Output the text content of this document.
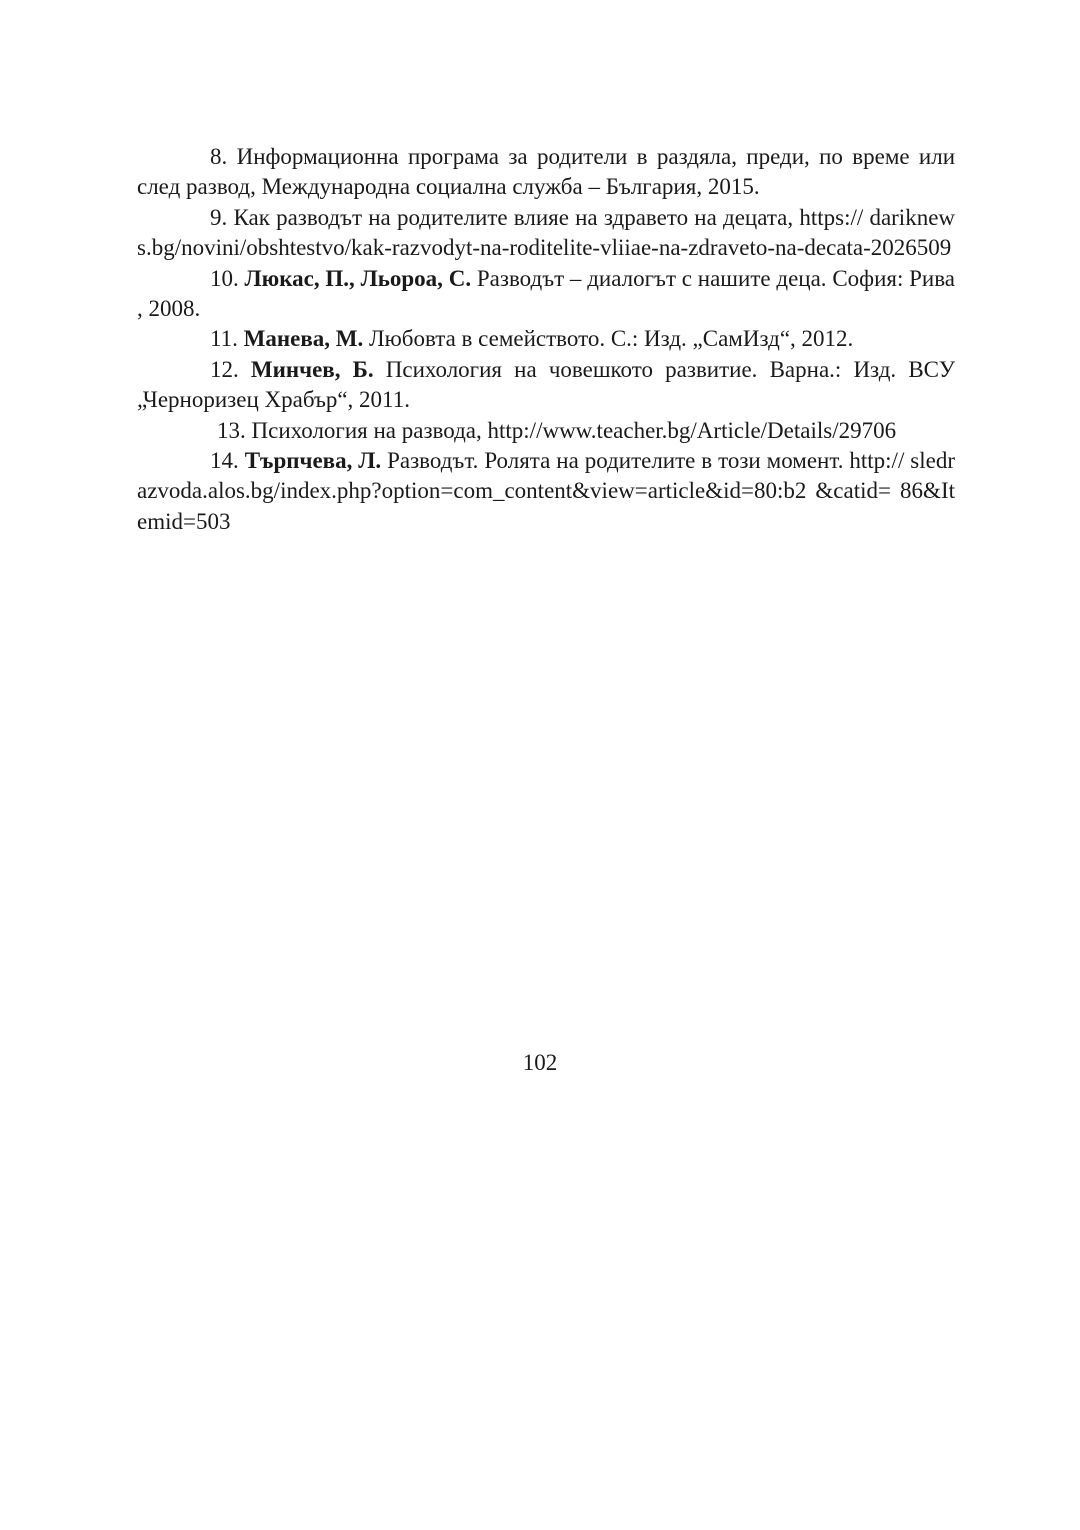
8. Информационна програма за родители в раздяла, преди, по време или след развод, Международна социална служба – България, 2015.

9. Как разводът на родителите влияе на здравето на децата, https:// dariknews.bg/novini/obshtestvo/kak-razvodyt-na-roditelite-vliiae-na-zdraveto-na-decata-2026509

10. Люкас, П., Льороа, С. Разводът – диалогът с нашите деца. София: Рива , 2008.

11. Манева, М. Любовта в семейството. С.: Изд. „СамИзд“, 2012.

12. Минчев, Б. Психология на човешкото развитие. Варна.: Изд. ВСУ „Черноризец Храбър“, 2011.

13. Психология на развода, http://www.teacher.bg/Article/Details/29706

14. Търпчева, Л. Разводът. Ролята на родителите в този момент. http:// sledrazvoda.alos.bg/index.php?option=com_content&view=article&id=80:b2 &catid= 86&Itemid=503

102
